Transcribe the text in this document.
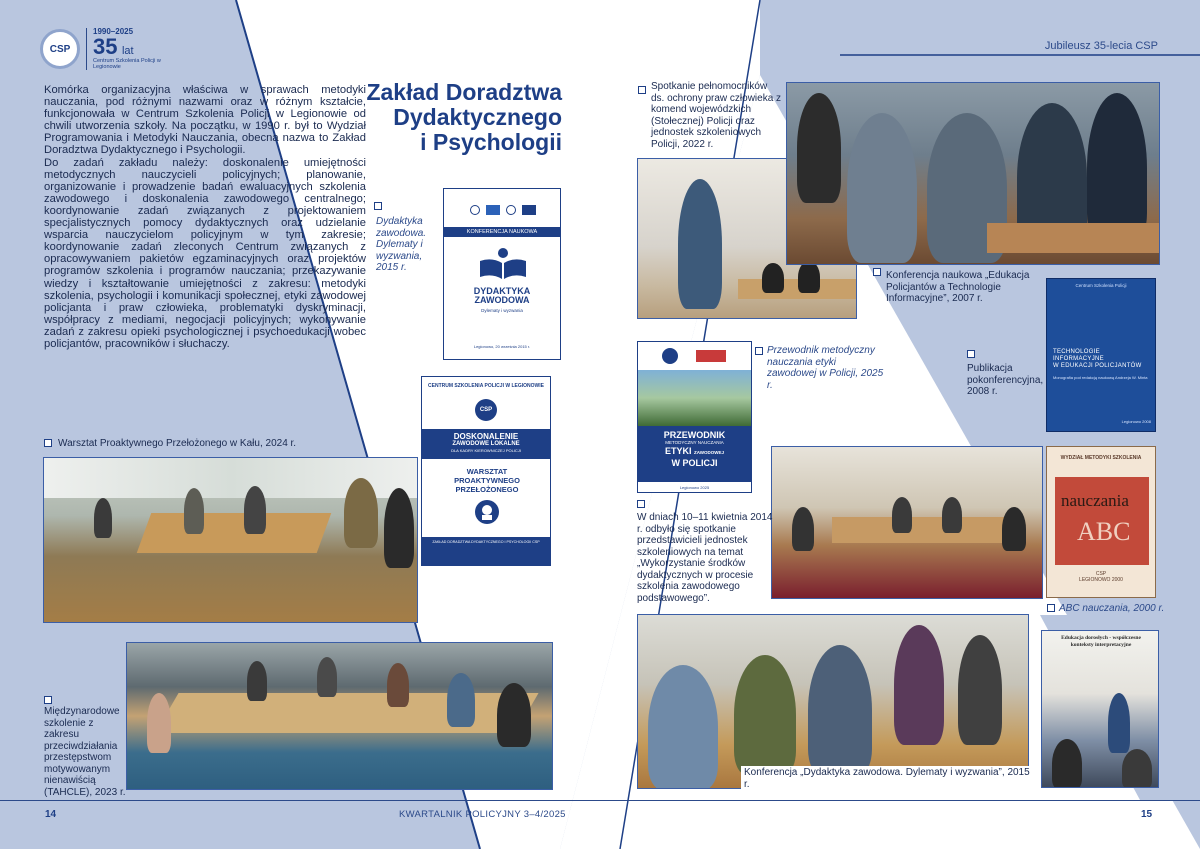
CSP
1990–2025
35 lat
Centrum Szkolenia Policji w Legionowie
Jubileusz 35-lecia CSP

Komórka organizacyjna właściwa w sprawach metodyki nauczania, pod różnymi nazwami oraz w różnym kształcie, funkcjonowała w Centrum Szkolenia Policji w Legionowie od chwili utworzenia szkoły. Na początku, w 1990 r. był to Wydział Programowania i Metodyki Nauczania, obecna nazwa to Zakład Doradztwa Dydaktycznego i Psychologii.

Do zadań zakładu należy: doskonalenie umiejętności metodycznych nauczycieli policyjnych; planowanie, organizowanie i prowadzenie badań ewaluacyjnych szkolenia zawodowego i doskonalenia zawodowego centralnego; koordynowanie zadań związanych z projektowaniem specjalistycznych pomocy dydaktycznych oraz udzielanie wsparcia nauczycielom policyjnym w tym zakresie; koordynowanie zadań zleconych Centrum związanych z opracowywaniem pakietów egzaminacyjnych oraz projektów programów szkolenia i programów nauczania; przekazywanie wiedzy i kształtowanie umiejętności z zakresu: metodyki szkolenia, psychologii i komunikacji społecznej, etyki zawodowej policjanta i praw człowieka, problematyki dyskryminacji, współpracy z mediami, negocjacji policyjnych; wykonywanie zadań z zakresu opieki psychologicznej i psychoedukacji wobec policjantów, pracowników i słuchaczy.

Zakład Doradztwa
Dydaktycznego
i Psychologii
Dydaktyka zawodowa. Dylematy i wyzwania, 2015 r.
KONFERENCJA NAUKOWA
DYDAKTYKA
ZAWODOWA
Dylematy i wyzwania
Legionowo, 20 września 2015 r.
CENTRUM SZKOLENIA POLICJI W LEGIONOWIE
CSP
DOSKONALENIE
ZAWODOWE LOKALNE
DLA KADRY KIEROWNICZEJ POLICJI
WARSZTAT PROAKTYWNEGO PRZEŁOŻONEGO
ZAKŁAD DORADZTWA DYDAKTYCZNEGO I PSYCHOLOGII CSP
Warsztat Proaktywnego Przełożonego w Kału, 2024 r.
Międzynarodowe szkolenie z zakresu przeciwdziałania przestępstwom motywowanym nienawiścią (TAHCLE), 2023 r.
Spotkanie pełnomocników ds. ochrony praw człowieka z komend wojewódzkich (Stołecznej) Policji oraz jednostek szkoleniowych Policji, 2022 r.
Konferencja naukowa „Edukacja Policjantów a Technologie Informacyjne”, 2007 r.
Centrum Szkolenia Policji
TECHNOLOGIE
INFORMACYJNE
W EDUKACJI POLICJANTÓW
Monografia pod redakcją naukową Andrzeja W. Minta
Legionowo 2008
Publikacja pokonferencyjna, 2008 r.
PRZEWODNIK
METODYCZNY NAUCZANIA
ETYKI ZAWODOWEJ
W POLICJI
Legionowo 2025
Przewodnik metodyczny nauczania etyki zawodowej w Policji, 2025 r.
W dniach 10–11 kwietnia 2014 r. odbyło się spotkanie przedstawicieli jednostek szkoleniowych na temat „Wykorzystanie środków dydaktycznych w procesie szkolenia zawodowego podstawowego”.
WYDZIAŁ METODYKI SZKOLENIA
nauczania
ABC
CSP
LEGIONOWO 2000
ABC nauczania, 2000 r.
Konferencja „Dydaktyka zawodowa. Dylematy i wyzwania”, 2015 r.
Edukacja dorosłych - współczesne
konteksty interpretacyjne
14	KWARTALNIK POLICYJNY 3–4/2025	15
